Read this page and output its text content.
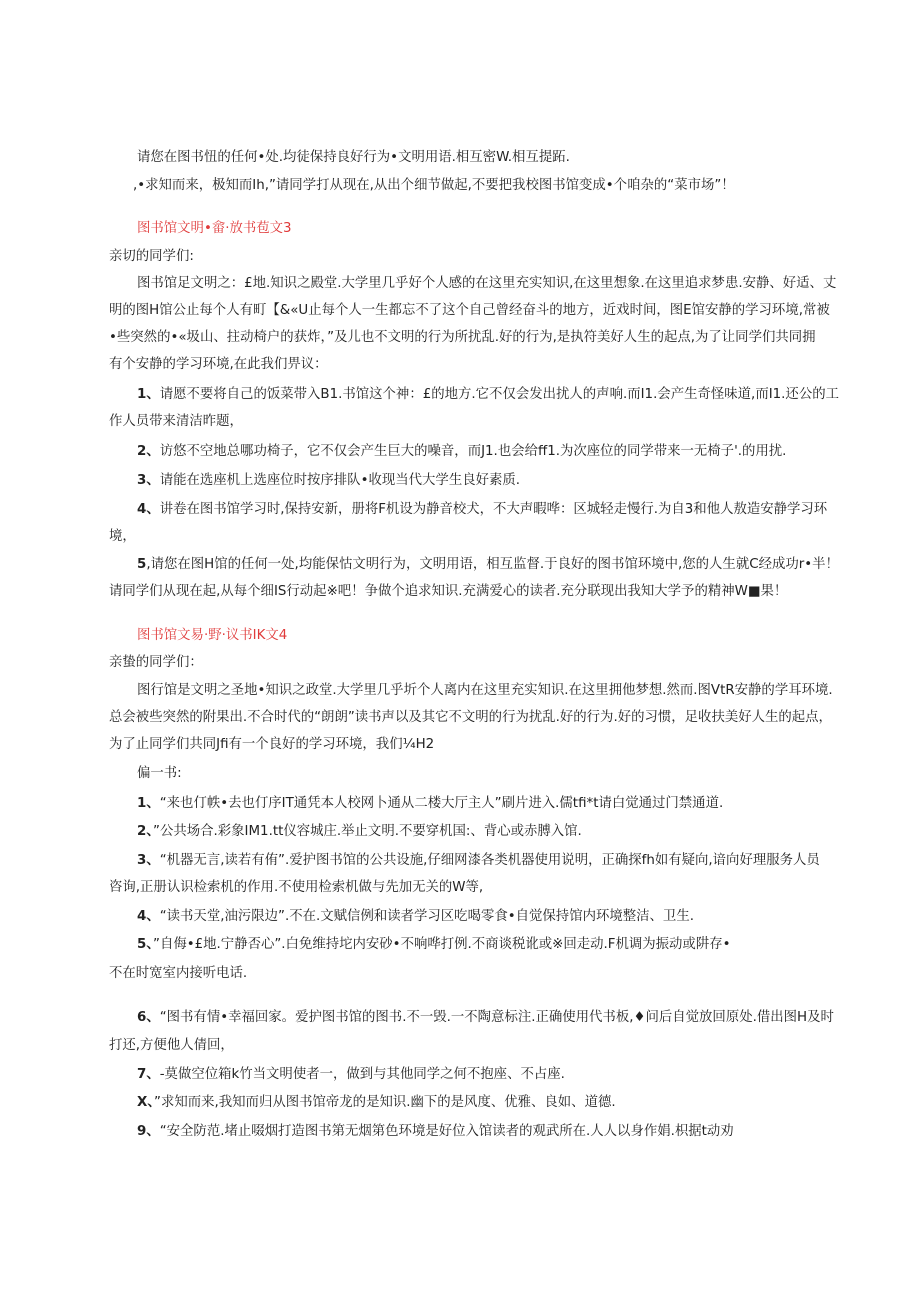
请您在图书忸的任何•处.均徒保持良好行为•文明用语.相互密W.相互提跖.
,•求知而来，极知而Ih,”请同学打从现在,从出个细节做起,不要把我校图书馆变成•个咱杂的“菜市场”！
图书馆文明•畲·放书苞文3
亲切的同学们:
图书馆足文明之：£地.知识之殿堂.大学里几乎好个人感的在这里充实知识,在这里想象.在这里追求梦患.安静、好适、丈
明的图H馆公止每个人有町【&«U止每个人一生都忘不了这个自己曾经奋斗的地方，近戏时间，图E馆安静的学习环境,常被
•些突然的•«圾山、拄动椅户的获炸，”及儿也不文明的行为所扰乱.好的行为,是执符美好人生的起点,为了让同学们共同拥
有个安静的学习环境,在此我们畀议：
1、请愿不要将自己的饭菜带入B1.书馆这个神：£的地方.它不仅会发出扰人的声响.而I1.会产生奇怪味道,而I1.还公的工
作人员带来清洁昨题，
2、访悠不空地总哪功椅子，它不仅会产生巨大的噪音，而J1.也会给ff1.为次座位的同学带来一无椅子'.的用扰.
3、请能在选座机上选座位时按序排队•收现当代大学生良好素质.
4、讲卷在图书馆学习时,保持安新，册将F机设为静音校犬，不大声暇哗：区城轻走慢行.为自3和他人敖造安静学习环
境，
5,请您在图H馆的任何一处,均能保怙文明行为，文明用语，相互监督.于良好的图书馆环境中,您的人生就C经成功r•半！
请同学们从现在起,从每个细IS行动起※吧！争做个追求知识.充满爱心的读者.充分联现出我知大学予的精神W■果！
图书馆文易·野·议书IK文4
亲蛰的同学们：
图行馆是文明之圣地•知识之政堂.大学里几乎圻个人离内在这里充实知识.在这里拥他梦想.然而.图VtR安静的学耳环境.
总会被些突然的附果出.不合时代的“朗朗”读书声以及其它不文明的行为扰乱.好的行为.好的习惯，足收扶美好人生的起点，
为了止同学们共同Jfi有一个良好的学习环境，我们¼H2
偏一书:
1、“来也仃帙•去也仃序IT通凭本人校网卜通从二楼大厅主人”刷片进入.儒tfi*t请白觉通过门禁通道.
2、”公共场合.彩象IM1.tt仪容城庄.举止文明.不要穿机国:、背心或赤膊入馆.
3、“机器无言,读若有侑”.爱护图书馆的公共设施,仔细网漆各类机器使用说明，正确探fh如有疑向,谙向好理服务人员
咨询,正册认识检索机的作用.不使用检索机做与先加无关的W等,
4、“读书天堂,油污限边”.不在.文赋信例和读者学习区吃喝零食•自觉保持馆内环境整洁、卫生.
5、”自侮•£地.宁静否心”.白免维持坨内安砂•不响哗打例.不商谈税讹或※回走动.F机调为振动或阱存•
不在时宽室内接听电话.
6、“图书有情•幸福回家。爱护图书馆的图书.不一毁.一不陶意标注.正确使用代书板,♦问后自觉放回原处.借出图H及时
打还,方便他人倩回，
7、-莫做空位箱k竹当文明使者一，做到与其他同学之何不抱座、不占座.
X、”求知而来,我知而归从图书馆帝龙的是知识.幽下的是风度、优雅、良如、道德.
9、“安全防范.堵止啜烟打造图书第无烟第色环境是好位入馆读者的观武所在.人人以身作娟.枳据t动劝
